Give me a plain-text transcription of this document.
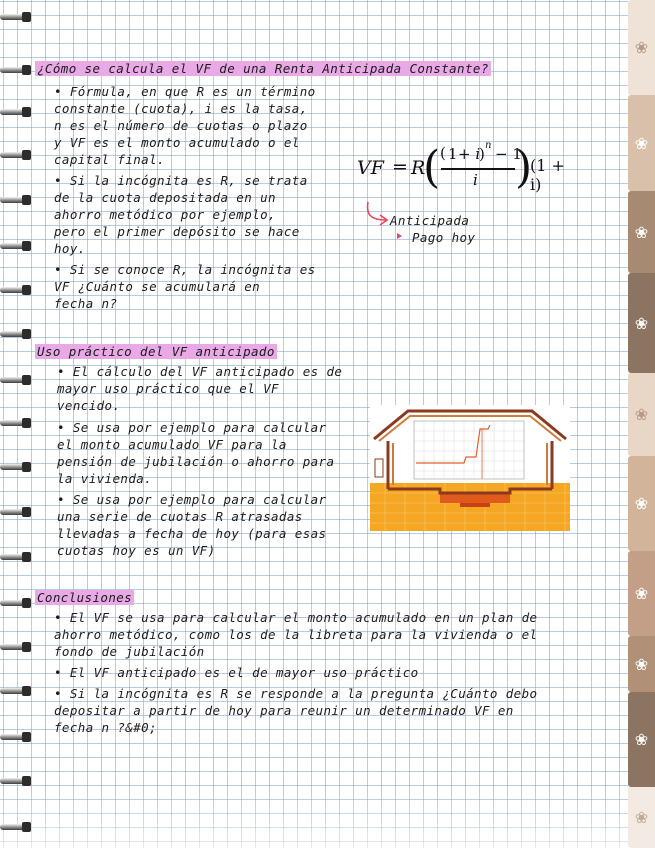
❀
❀
❀
❀
❀
❀
❀
❀
❀
❀
¿Cómo se calcula el VF de una Renta Anticipada Constante?
• Fórmula, en que R es un término
constante (cuota), i es la tasa,
n es el número de cuotas o plazo
y VF es el monto acumulado o el
capital final.
• Si la incógnita es R, se trata
de la cuota depositada en un
ahorro metódico por ejemplo,
pero el primer depósito se hace
hoy.
• Si se conoce R, la incógnita es
VF ¿Cuánto se acumulará en
fecha n?
VF = R
( ( 1 + i
) n − 1
i )
(1 + i)
Anticipada
Pago hoy
Uso práctico del VF anticipado
• El cálculo del VF anticipado es de
mayor uso práctico que el VF
vencido.
• Se usa por ejemplo para calcular
el monto acumulado VF para la
pensión de jubilación o ahorro para
la vivienda.
• Se usa por ejemplo para calcular
una serie de cuotas R atrasadas
llevadas a fecha de hoy (para esas
cuotas hoy es un VF)
Conclusiones
• El VF se usa para calcular el monto acumulado en un plan de
ahorro metódico, como los de la libreta para la vivienda o el
fondo de jubilación
• El VF anticipado es el de mayor uso práctico
• Si la incógnita es R se responde a la pregunta ¿Cuánto debo
depositar a partir de hoy para reunir un determinado VF en
fecha n ?&#0;
